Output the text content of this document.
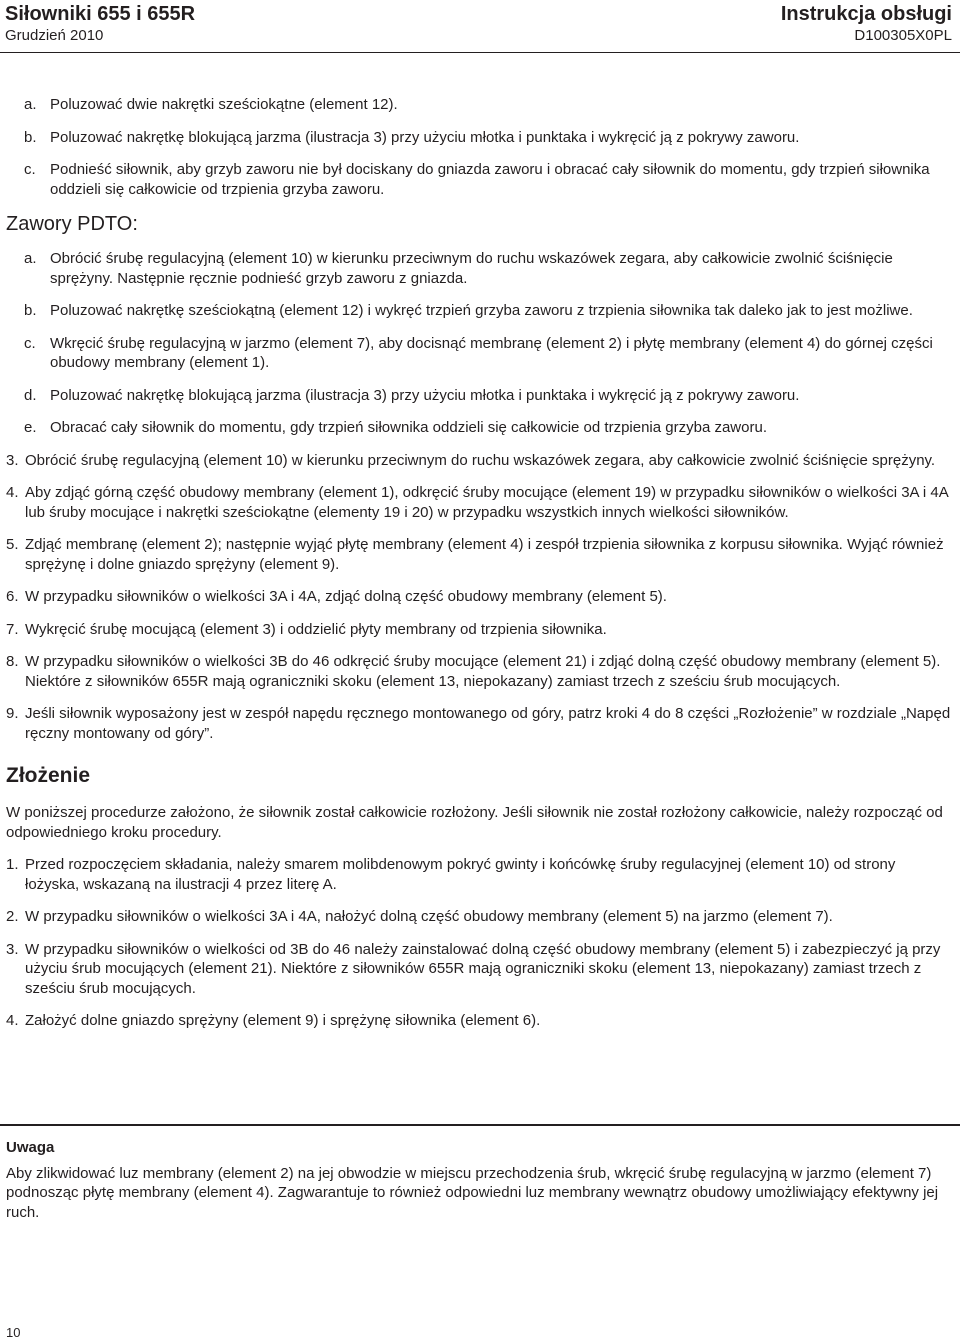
Siłowniki 655 i 655R
Grudzień 2010
Instrukcja obsługi
D100305X0PL
a. Poluzować dwie nakrętki sześciokątne (element 12).
b. Poluzować nakrętkę blokującą jarzma (ilustracja 3) przy użyciu młotka i punktaka i wykręcić ją z pokrywy zaworu.
c. Podnieść siłownik, aby grzyb zaworu nie był dociskany do gniazda zaworu i obracać cały siłownik do momentu, gdy trzpień siłownika oddzieli się całkowicie od trzpienia grzyba zaworu.
Zawory PDTO:
a. Obrócić śrubę regulacyjną (element 10) w kierunku przeciwnym do ruchu wskazówek zegara, aby całkowicie zwolnić ściśnięcie sprężyny. Następnie ręcznie podnieść grzyb zaworu z gniazda.
b. Poluzować nakrętkę sześciokątną (element 12) i wykręć trzpień grzyba zaworu z trzpienia siłownika tak daleko jak to jest możliwe.
c. Wkręcić śrubę regulacyjną w jarzmo (element 7), aby docisnąć membranę (element 2) i płytę membrany (element 4) do górnej części obudowy membrany (element 1).
d. Poluzować nakrętkę blokującą jarzma (ilustracja 3) przy użyciu młotka i punktaka i wykręcić ją z pokrywy zaworu.
e. Obracać cały siłownik do momentu, gdy trzpień siłownika oddzieli się całkowicie od trzpienia grzyba zaworu.
3. Obrócić śrubę regulacyjną (element 10) w kierunku przeciwnym do ruchu wskazówek zegara, aby całkowicie zwolnić ściśnięcie sprężyny.
4. Aby zdjąć górną część obudowy membrany (element 1), odkręcić śruby mocujące (element 19) w przypadku siłowników o wielkości 3A i 4A lub śruby mocujące i nakrętki sześciokątne (elementy 19 i 20) w przypadku wszystkich innych wielkości siłowników.
5. Zdjąć membranę (element 2); następnie wyjąć płytę membrany (element 4) i zespół trzpienia siłownika z korpusu siłownika. Wyjąć również sprężynę i dolne gniazdo sprężyny (element 9).
6. W przypadku siłowników o wielkości 3A i 4A, zdjąć dolną część obudowy membrany (element 5).
7. Wykręcić śrubę mocującą (element 3) i oddzielić płyty membrany od trzpienia siłownika.
8. W przypadku siłowników o wielkości 3B do 46 odkręcić śruby mocujące (element 21) i zdjąć dolną część obudowy membrany (element 5). Niektóre z siłowników 655R mają ograniczniki skoku (element 13, niepokazany) zamiast trzech z sześciu śrub mocujących.
9. Jeśli siłownik wyposażony jest w zespół napędu ręcznego montowanego od góry, patrz kroki 4 do 8 części „Rozłożenie” w rozdziale „Napęd ręczny montowany od góry”.
Złożenie
W poniższej procedurze założono, że siłownik został całkowicie rozłożony. Jeśli siłownik nie został rozłożony całkowicie, należy rozpocząć od odpowiedniego kroku procedury.
1. Przed rozpoczęciem składania, należy smarem molibdenowym pokryć gwinty i końcówkę śruby regulacyjnej (element 10) od strony łożyska, wskazaną na ilustracji 4 przez literę A.
2. W przypadku siłowników o wielkości 3A i 4A, nałożyć dolną część obudowy membrany (element 5) na jarzmo (element 7).
3. W przypadku siłowników o wielkości od 3B do 46 należy zainstalować dolną część obudowy membrany (element 5) i zabezpieczyć ją przy użyciu śrub mocujących (element 21). Niektóre z siłowników 655R mają ograniczniki skoku (element 13, niepokazany) zamiast trzech z sześciu śrub mocujących.
4. Założyć dolne gniazdo sprężyny (element 9) i sprężynę siłownika (element 6).
Uwaga
Aby zlikwidować luz membrany (element 2) na jej obwodzie w miejscu przechodzenia śrub, wkręcić śrubę regulacyjną w jarzmo (element 7) podnosząc płytę membrany (element 4). Zagwarantuje to również odpowiedni luz membrany wewnątrz obudowy umożliwiający efektywny jej ruch.
10
